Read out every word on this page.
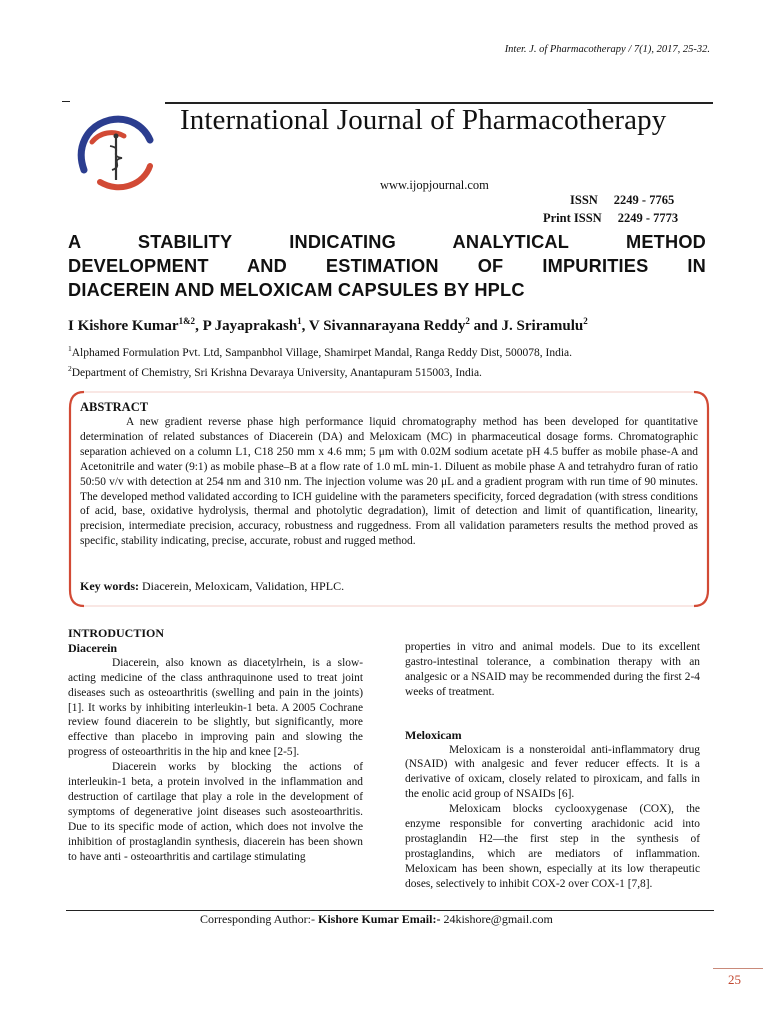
Inter. J. of Pharmacotherapy / 7(1), 2017, 25-32.
International Journal of Pharmacotherapy
www.ijopjournal.com
ISSN 2249 - 7765
Print ISSN 2249 - 7773
A STABILITY INDICATING ANALYTICAL METHOD
DEVELOPMENT AND ESTIMATION OF IMPURITIES IN
DIACEREIN AND MELOXICAM CAPSULES BY HPLC
I Kishore Kumar$^{1\&2}$, P Jayaprakash$^1$, V Sivannarayana Reddy$^2$ and J. Sriramulu$^2$
$^1$Alphamed Formulation Pvt. Ltd, Sampanbhol Village, Shamirpet Mandal, Ranga Reddy Dist, 500078, India.
$^2$Department of Chemistry, Sri Krishna Devaraya University, Anantapuram 515003, India.
ABSTRACT
A new gradient reverse phase high performance liquid chromatography method has been developed for quantitative determination of related substances of Diacerein (DA) and Meloxicam (MC) in pharmaceutical dosage forms. Chromatographic separation achieved on a column L1, C18 250 mm x 4.6 mm; 5 μm with 0.02M sodium acetate pH 4.5 buffer as mobile phase-A and Acetonitrile and water (9:1) as mobile phase–B at a flow rate of 1.0 mL min-1. Diluent as mobile phase A and tetrahydro furan of ratio 50:50 v/v with detection at 254 nm and 310 nm. The injection volume was 20 μL and a gradient program with run time of 90 minutes. The developed method validated according to ICH guideline with the parameters specificity, forced degradation (with stress conditions of acid, base, oxidative hydrolysis, thermal and photolytic degradation), limit of detection and limit of quantification, linearity, precision, intermediate precision, accuracy, robustness and ruggedness. From all validation parameters results the method proved as specific, stability indicating, precise, accurate, robust and rugged method.
Key words: Diacerein, Meloxicam, Validation, HPLC.
INTRODUCTION
Diacerein
Diacerein, also known as diacetylrhein, is a slow-acting medicine of the class anthraquinone used to treat joint diseases such as osteoarthritis (swelling and pain in the joints) [1]. It works by inhibiting interleukin-1 beta. A 2005 Cochrane review found diacerein to be slightly, but significantly, more effective than placebo in improving pain and slowing the progress of osteoarthritis in the hip and knee [2-5].
Diacerein works by blocking the actions of interleukin-1 beta, a protein involved in the inflammation and destruction of cartilage that play a role in the development of symptoms of degenerative joint diseases such asosteoarthritis. Due to its specific mode of action, which does not involve the inhibition of prostaglandin synthesis, diacerein has been shown to have anti - osteoarthritis and cartilage stimulating
properties in vitro and animal models. Due to its excellent gastro-intestinal tolerance, a combination therapy with an analgesic or a NSAID may be recommended during the first 2-4 weeks of treatment.
Meloxicam
Meloxicam is a nonsteroidal anti-inflammatory drug (NSAID) with analgesic and fever reducer effects. It is a derivative of oxicam, closely related to piroxicam, and falls in the enolic acid group of NSAIDs [6].
Meloxicam blocks cyclooxygenase (COX), the enzyme responsible for converting arachidonic acid into prostaglandin H2—the first step in the synthesis of prostaglandins, which are mediators of inflammation. Meloxicam has been shown, especially at its low therapeutic doses, selectively to inhibit COX-2 over COX-1 [7,8].
Corresponding Author:- Kishore Kumar Email:- 24kishore@gmail.com
25
